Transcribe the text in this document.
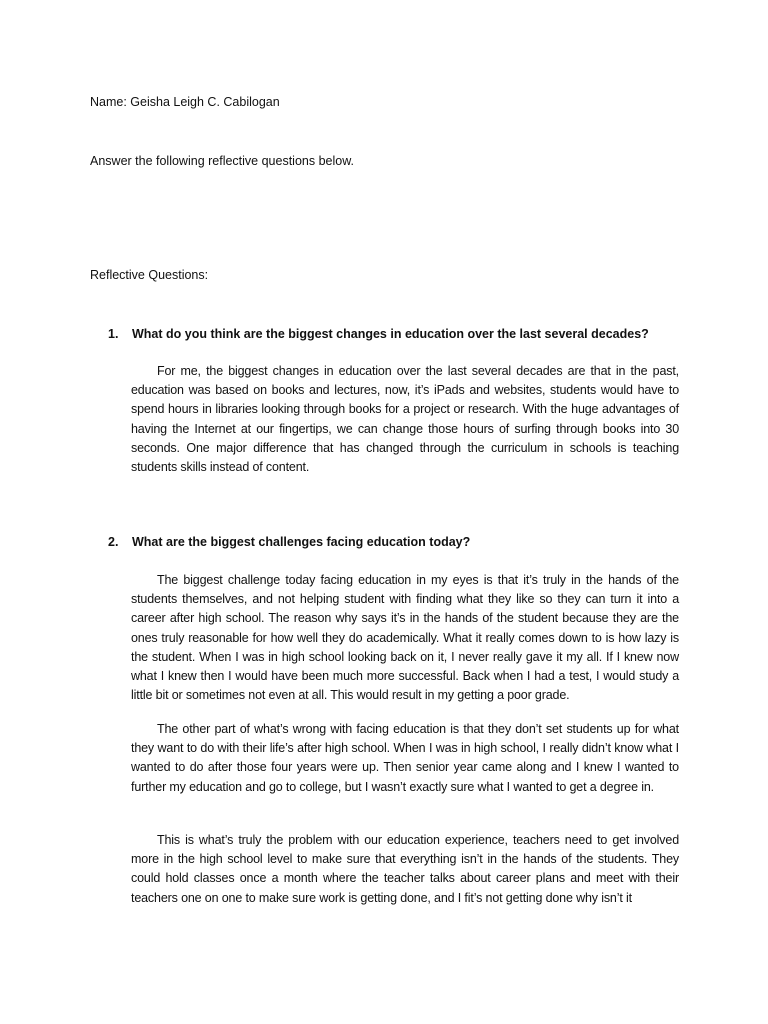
Name: Geisha Leigh C. Cabilogan
Answer the following reflective questions below.
Reflective Questions:
1. What do you think are the biggest changes in education over the last several decades?
For me, the biggest changes in education over the last several decades are that in the past, education was based on books and lectures, now, it’s iPads and websites, students would have to spend hours in libraries looking through books for a project or research. With the huge advantages of having the Internet at our fingertips, we can change those hours of surfing through books into 30 seconds. One major difference that has changed through the curriculum in schools is teaching students skills instead of content.
2. What are the biggest challenges facing education today?
The biggest challenge today facing education in my eyes is that it’s truly in the hands of the students themselves, and not helping student with finding what they like so they can turn it into a career after high school. The reason why says it’s in the hands of the student because they are the ones truly reasonable for how well they do academically. What it really comes down to is how lazy is the student. When I was in high school looking back on it, I never really gave it my all. If I knew now what I knew then I would have been much more successful. Back when I had a test, I would study a little bit or sometimes not even at all. This would result in my getting a poor grade.
The other part of what’s wrong with facing education is that they don’t set students up for what they want to do with their life’s after high school. When I was in high school, I really didn’t know what I wanted to do after those four years were up. Then senior year came along and I knew I wanted to further my education and go to college, but I wasn’t exactly sure what I wanted to get a degree in.
This is what’s truly the problem with our education experience, teachers need to get involved more in the high school level to make sure that everything isn’t in the hands of the students. They could hold classes once a month where the teacher talks about career plans and meet with their teachers one on one to make sure work is getting done, and I fit’s not getting done why isn’t it
